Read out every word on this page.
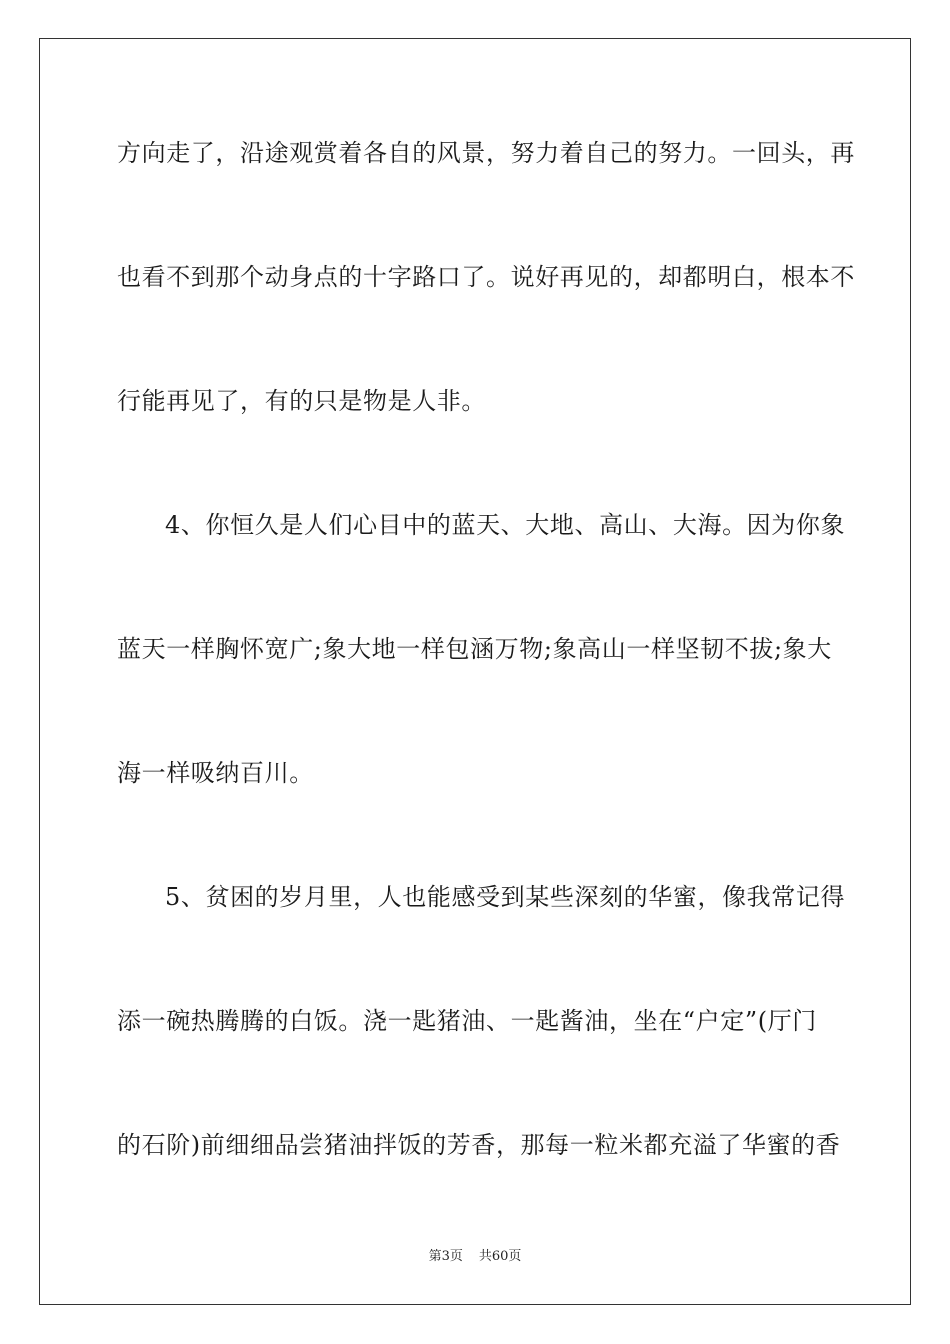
方向走了，沿途观赏着各自的风景，努力着自己的努力。一回头，再
也看不到那个动身点的十字路口了。说好再见的，却都明白，根本不
行能再见了，有的只是物是人非。
4、你恒久是人们心目中的蓝天、大地、高山、大海。因为你象
蓝天一样胸怀宽广;象大地一样包涵万物;象高山一样坚韧不拔;象大
海一样吸纳百川。
5、贫困的岁月里，人也能感受到某些深刻的华蜜，像我常记得
添一碗热腾腾的白饭。浇一匙猪油、一匙酱油，坐在“户定”(厅门
的石阶)前细细品尝猪油拌饭的芳香，那每一粒米都充溢了华蜜的香
第3页 共60页
